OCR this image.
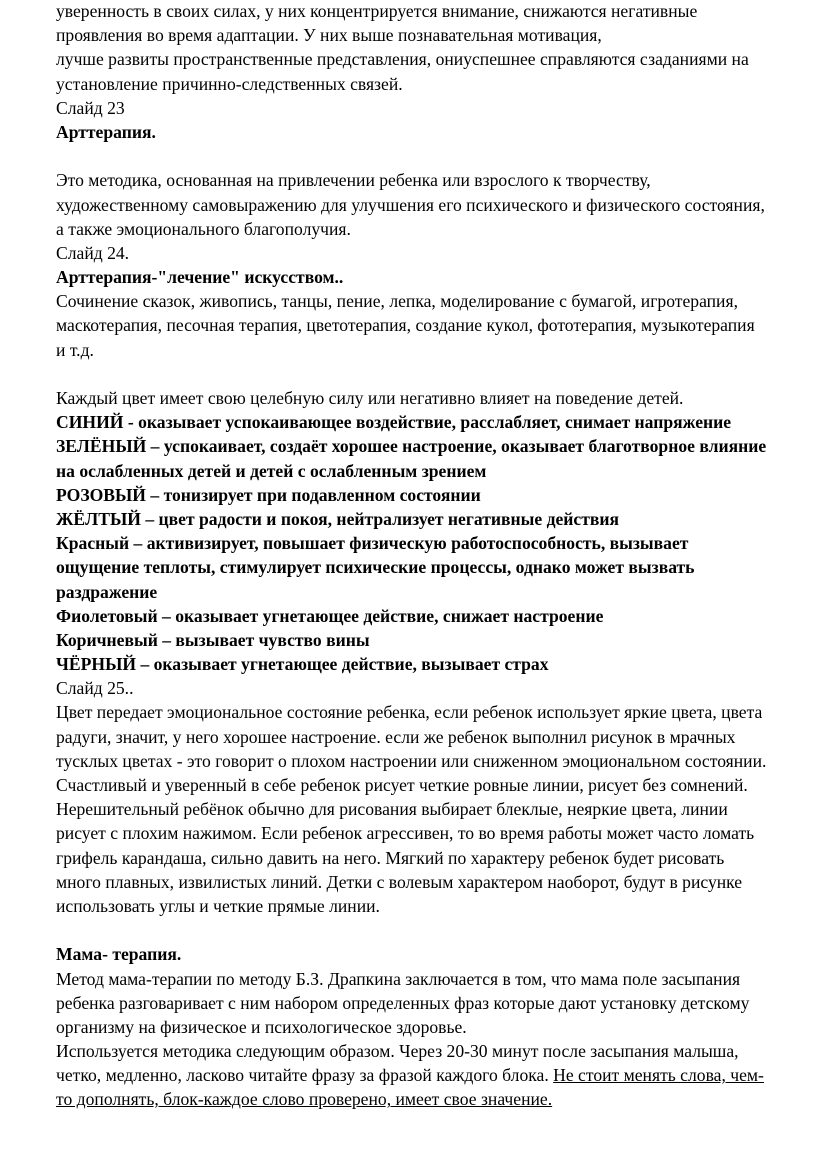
уверенность в своих силах, у них концентрируется внимание, снижаются негативные
проявления во время адаптации. У них выше познавательная мотивация,
лучше развиты пространственные представления, ониуспешнее справляются сзаданиями на
установление причинно-следственных связей.
Слайд 23
Арттерапия.
Это методика, основанная на привлечении ребенка или взрослого к творчеству,
художественному самовыражению для улучшения его психического и физического состояния,
а также эмоционального благополучия.
Слайд 24.
Арттерапия-"лечение" искусством..
Сочинение сказок, живопись, танцы, пение, лепка, моделирование с бумагой, игротерапия,
маскотерапия, песочная терапия, цветотерапия, создание кукол, фототерапия, музыкотерапия
и т.д.
Каждый цвет имеет свою целебную силу или негативно влияет на поведение детей.
СИНИЙ - оказывает успокаивающее воздействие, расслабляет, снимает напряжение
ЗЕЛЁНЫЙ – успокаивает, создаёт хорошее настроение, оказывает благотворное влияние
на ослабленных детей и детей с ослабленным зрением
РОЗОВЫЙ – тонизирует при подавленном состоянии
ЖЁЛТЫЙ – цвет радости и покоя, нейтрализует негативные действия
Красный – активизирует, повышает физическую работоспособность, вызывает
ощущение теплоты, стимулирует психические процессы, однако может вызвать
раздражение
Фиолетовый – оказывает угнетающее действие, снижает настроение
Коричневый – вызывает чувство вины
ЧЁРНЫЙ – оказывает угнетающее действие, вызывает страх
Слайд 25..
Цвет передает эмоциональное состояние ребенка, если ребенок использует яркие цвета, цвета
радуги, значит, у него хорошее настроение. если же ребенок выполнил рисунок в мрачных
тусклых цветах - это говорит о плохом настроении или сниженном эмоциональном состоянии.
Счастливый и уверенный в себе ребенок рисует четкие ровные линии, рисует без сомнений.
Нерешительный ребёнок обычно для рисования выбирает блеклые, неяркие цвета, линии
рисует с плохим нажимом. Если ребенок агрессивен, то во время работы может часто ломать
грифель карандаша, сильно давить на него. Мягкий по характеру ребенок будет рисовать
много плавных, извилистых линий. Детки с волевым характером наоборот, будут в рисунке
использовать углы и четкие прямые линии.
Мама- терапия.
Метод мама-терапии по методу Б.З. Драпкина заключается в том, что мама поле засыпания
ребенка разговаривает с ним набором определенных фраз которые дают установку детскому
организму на физическое и психологическое здоровье.
Используется методика следующим образом. Через 20-30 минут после засыпания малыша,
четко, медленно, ласково читайте фразу за фразой каждого блока. Не стоит менять слова, чем-
то дополнять, блок-каждое слово проверено, имеет свое значение.
